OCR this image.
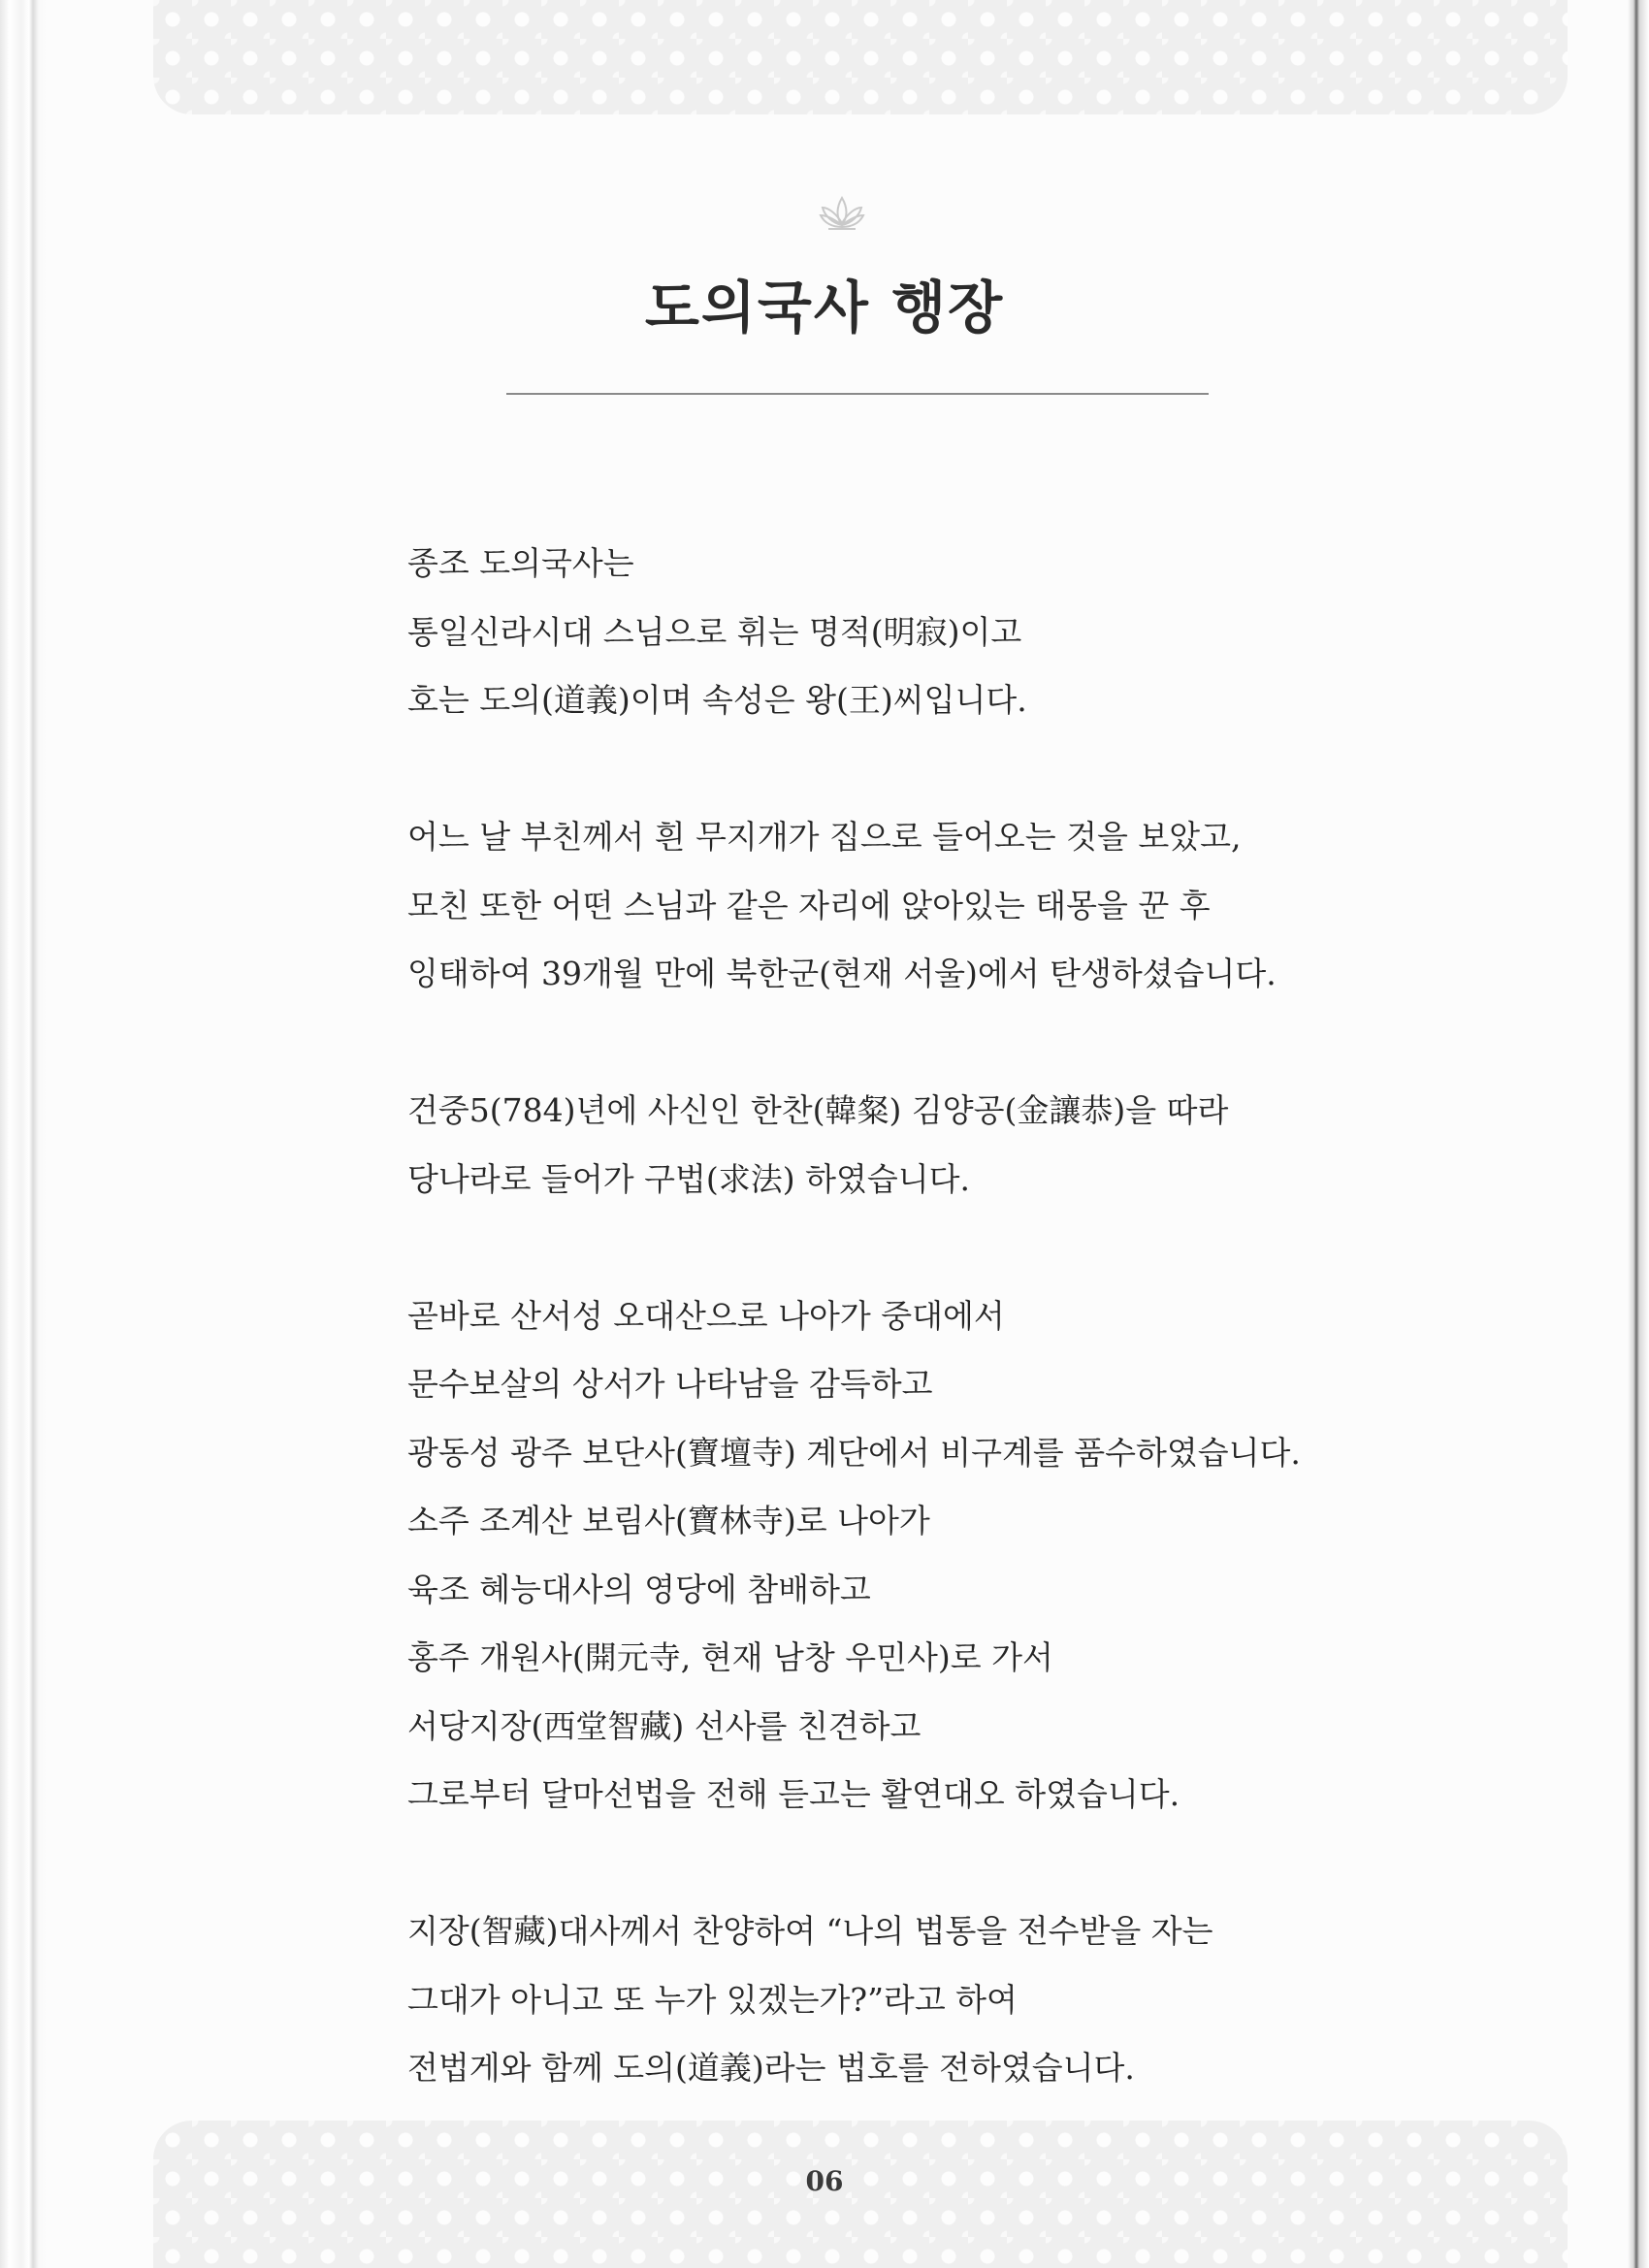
도의국사 행장

종조 도의국사는
통일신라시대 스님으로 휘는 명적(明寂)이고
호는 도의(道義)이며 속성은 왕(王)씨입니다.

어느 날 부친께서 흰 무지개가 집으로 들어오는 것을 보았고,
모친 또한 어떤 스님과 같은 자리에 앉아있는 태몽을 꾼 후
잉태하여 39개월 만에 북한군(현재 서울)에서 탄생하셨습니다.

건중5(784)년에 사신인 한찬(韓粲) 김양공(金讓恭)을 따라
당나라로 들어가 구법(求法) 하였습니다.

곧바로 산서성 오대산으로 나아가 중대에서
문수보살의 상서가 나타남을 감득하고
광동성 광주 보단사(寶壇寺) 계단에서 비구계를 품수하였습니다.
소주 조계산 보림사(寶林寺)로 나아가
육조 혜능대사의 영당에 참배하고
홍주 개원사(開元寺, 현재 남창 우민사)로 가서
서당지장(西堂智藏) 선사를 친견하고
그로부터 달마선법을 전해 듣고는 활연대오 하였습니다.

지장(智藏)대사께서 찬양하여 “나의 법통을 전수받을 자는
그대가 아니고 또 누가 있겠는가?”라고 하여
전법게와 함께 도의(道義)라는 법호를 전하였습니다.

06
